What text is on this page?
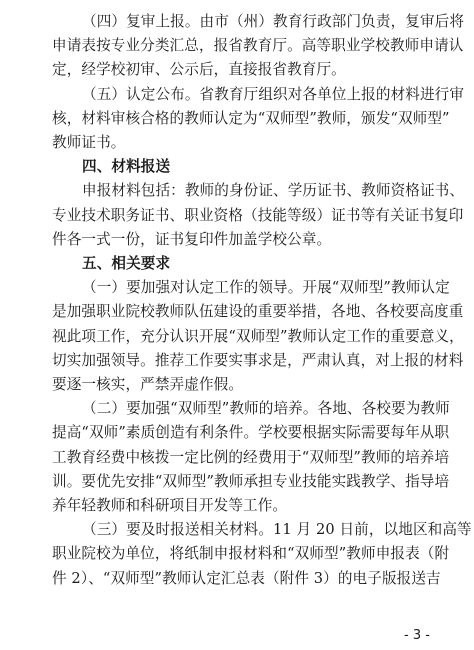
（四）复审上报。由市（州）教育行政部门负责，复审后将
申请表按专业分类汇总，报省教育厅。高等职业学校教师申请认
定，经学校初审、公示后，直接报省教育厅。
（五）认定公布。省教育厅组织对各单位上报的材料进行审
核，材料审核合格的教师认定为“双师型”教师，颁发“双师型”
教师证书。
四、材料报送
申报材料包括：教师的身份证、学历证书、教师资格证书、
专业技术职务证书、职业资格（技能等级）证书等有关证书复印
件各一式一份，证书复印件加盖学校公章。
五、相关要求
（一）要加强对认定工作的领导。开展“双师型”教师认定
是加强职业院校教师队伍建设的重要举措，各地、各校要高度重
视此项工作，充分认识开展“双师型”教师认定工作的重要意义，
切实加强领导。推荐工作要实事求是，严肃认真，对上报的材料
要逐一核实，严禁弄虚作假。
（二）要加强“双师型”教师的培养。各地、各校要为教师
提高“双师”素质创造有利条件。学校要根据实际需要每年从职
工教育经费中核拨一定比例的经费用于“双师型”教师的培养培
训。要优先安排“双师型”教师承担专业技能实践教学、指导培
养年轻教师和科研项目开发等工作。
（三）要及时报送相关材料。11 月 20 日前，以地区和高等
职业院校为单位，将纸制申报材料和“双师型”教师申报表（附
件 2）、“双师型”教师认定汇总表（附件 3）的电子版报送吉
- 3 -
